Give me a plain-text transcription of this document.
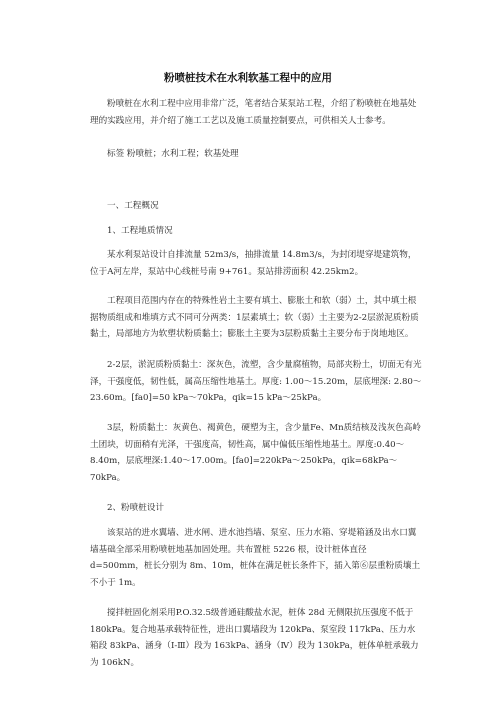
粉喷桩技术在水利软基工程中的应用

粉喷桩在水利工程中应用非常广泛，笔者结合某泵站工程，介绍了粉喷桩在地基处理的实践应用，并介绍了施工工艺以及施工质量控制要点，可供相关人士参考。

标签 粉喷桩；水利工程；软基处理

一、工程概况

1、工程地质情况

某水利泵站设计自排流量 52m3/s，抽排流量 14.8m3/s，为封闭堤穿堤建筑物，位于A河左岸，泵站中心线桩号南 9+761。泵站排涝面积 42.25km2。

工程项目范围内存在的特殊性岩土主要有填土、膨胀土和软（弱）土，其中填土根据物质组成和堆填方式不同可分两类：1层素填土；软（弱）土主要为2-2层淤泥质粉质黏土，局部地方为软塑状粉质黏土；膨胀土主要为3层粉质黏土主要分布于岗地地区。

2-2层，淤泥质粉质黏土：深灰色，流塑，含少量腐植物，局部夹粉土，切面无有光泽，干强度低，韧性低，属高压缩性地基土。厚度: 1.00～15.20m，层底埋深: 2.80～23.60m。[fa0]=50 kPa～70kPa，qik=15 kPa～25kPa。

3层，粉质黏土：灰黄色、褐黄色，硬塑为主，含少量Fe、Mn质结核及浅灰色高岭土团块，切面稍有光泽，干强度高，韧性高，属中偏低压缩性地基土。厚度:0.40～8.40m，层底埋深:1.40～17.00m。[fa0]=220kPa～250kPa，qik=68kPa～70kPa。

2、粉喷桩设计

该泵站的进水翼墙、进水闸、进水池挡墙、泵室、压力水箱、穿堤箱涵及出水口翼墙基础全部采用粉喷桩地基加固处理。共布置桩 5226 根，设计桩体直径 d=500mm，桩长分别为 8m、10m，桩体在满足桩长条件下，插入第⑥层重粉质壤土不小于 1m。

搅拌桩固化剂采用P.O.32.5级普通硅酸盐水泥，桩体 28d 无侧限抗压强度不低于 180kPa。复合地基承载特征性，进出口翼墙段为 120kPa、泵室段 117kPa、压力水箱段 83kPa、涵身（Ⅰ-Ⅲ）段为 163kPa、涵身（Ⅳ）段为 130kPa，桩体单桩承载力为 106kN。
